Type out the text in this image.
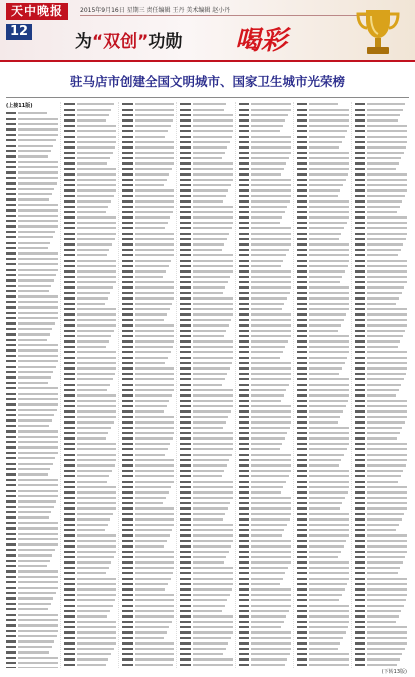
天中晚报	2015年9月16日 星期三 责任编辑 王丹 美术编辑 赵小丹
12
为“双创”功勋 喝彩
驻马店市创建全国文明城市、国家卫生城市光荣榜
(上接11版)
(下转13版)
